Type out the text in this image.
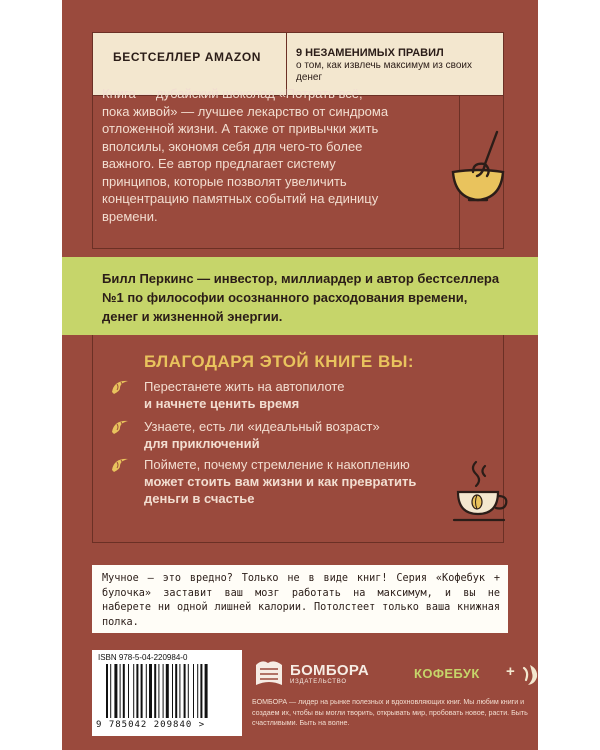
БЕСТСЕЛЛЕР AMAZON	9 НЕЗАМЕНИМЫХ ПРАВИЛ
о том, как извлечь максимум из своих денег
Книга — дубайский шоколад «Потрать всё, пока живой» — лучшее лекарство от синдрома отложенной жизни. А также от привычки жить вполсилы, экономя себя для чего-то более важного. Ее автор предлагает систему принципов, которые позволят увеличить концентрацию памятных событий на единицу времени.
Билл Перкинс — инвестор, миллиардер и автор бестселлера №1 по философии осознанного расходования времени, денег и жизненной энергии.
БЛАГОДАРЯ ЭТОЙ КНИГЕ ВЫ:
Перестанете жить на автопилоте
и начнете ценить время
Узнаете, есть ли «идеальный возраст»
для приключений
Поймете, почему стремление к накоплению
может стоить вам жизни и как превратить деньги в счастье
Мучное — это вредно? Только не в виде книг! Серия «Кофебук + булочка» заставит ваш мозг работать на максимум, и вы не наберете ни одной лишней калории. Потолстеет только ваша книжная полка.
ISBN 978-5-04-220984-0
9 785042 209840 >
БОМБОРА
ИЗДАТЕЛЬСТВО
КОФЕБУК +
БОМБОРА — лидер на рынке полезных и вдохновляющих книг. Мы любим книги и создаем их, чтобы вы могли творить, открывать мир, пробовать новое, расти. Быть счастливыми. Быть на волне.
